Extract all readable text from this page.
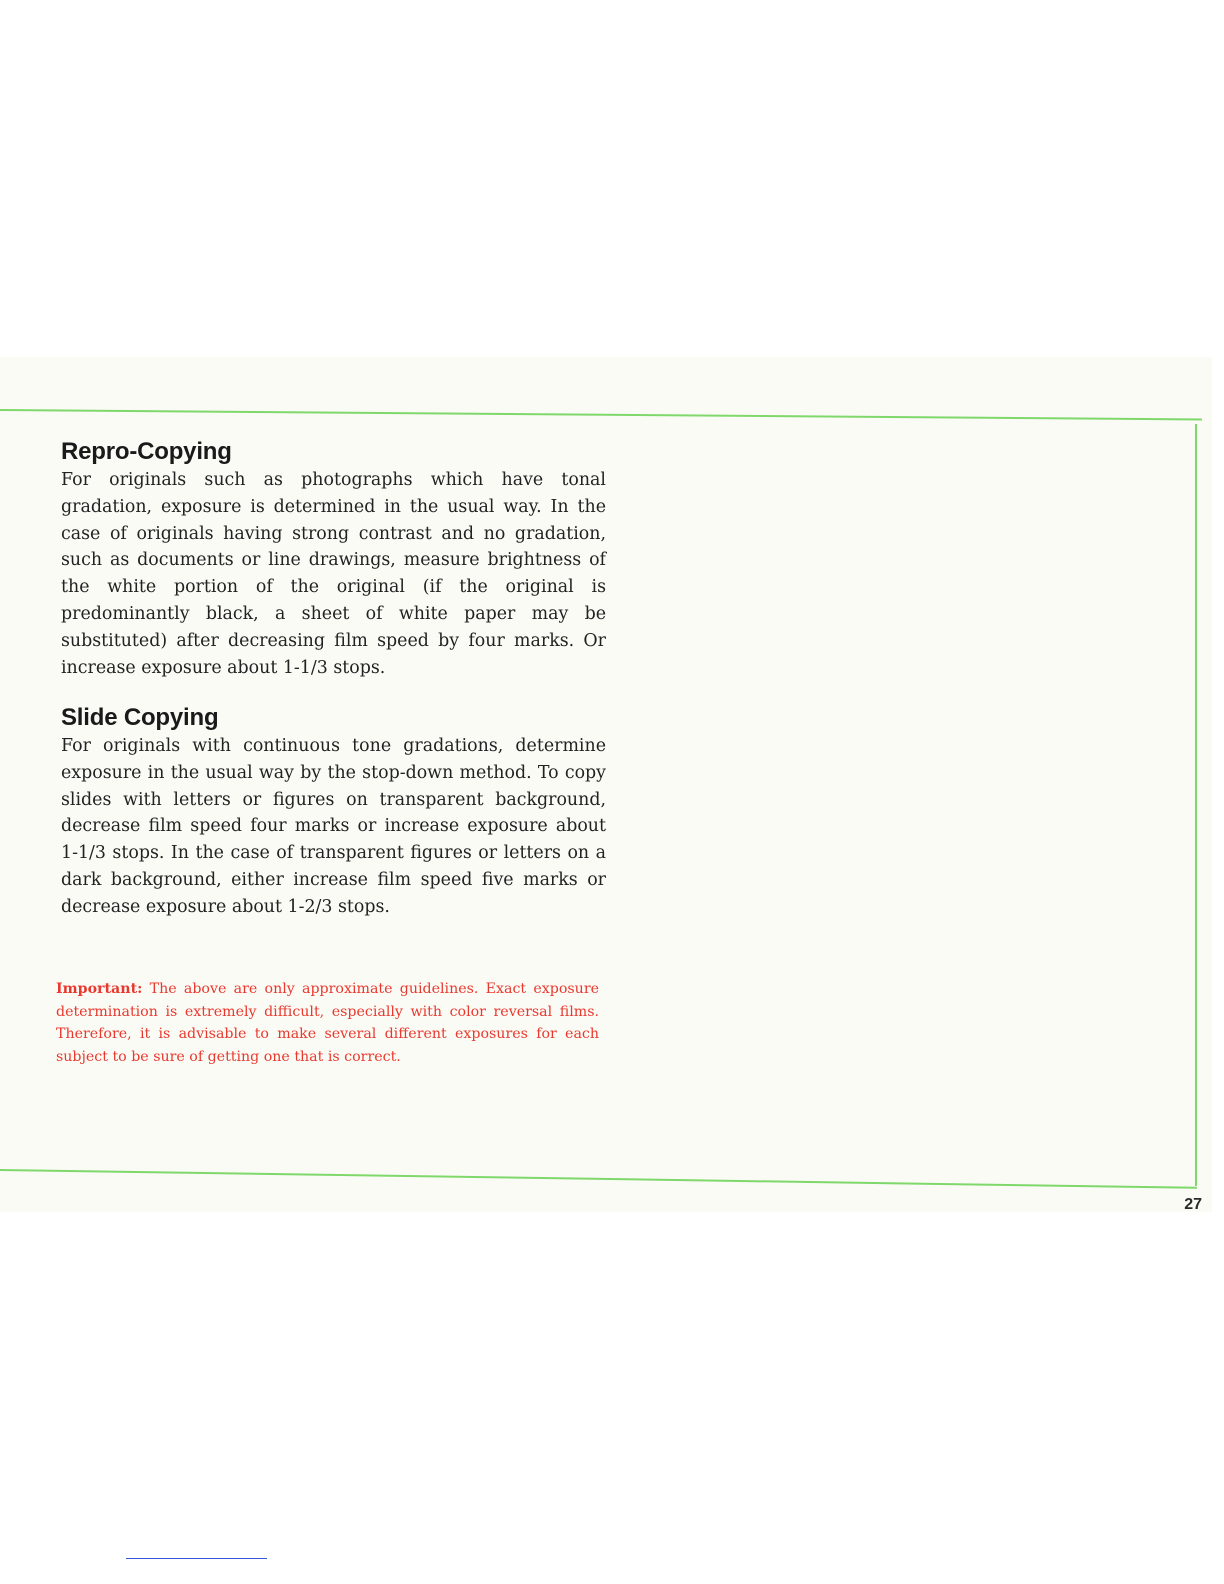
Repro-Copying

For originals such as photographs which have tonal gradation, exposure is determined in the usual way. In the case of originals having strong contrast and no gradation, such as documents or line drawings, measure brightness of the white portion of the original (if the original is predominantly black, a sheet of white paper may be substituted) after decreasing film speed by four marks. Or increase exposure about 1-1/3 stops.

Slide Copying

For originals with continuous tone gradations, determine exposure in the usual way by the stop-down method. To copy slides with letters or figures on transparent background, decrease film speed four marks or increase exposure about 1-1/3 stops. In the case of transparent figures or letters on a dark background, either increase film speed five marks or decrease exposure about 1-2/3 stops.

Important: The above are only approximate guidelines. Exact exposure determination is extremely difficult, especially with color reversal films. Therefore, it is advisable to make several different exposures for each subject to be sure of getting one that is correct.

27
